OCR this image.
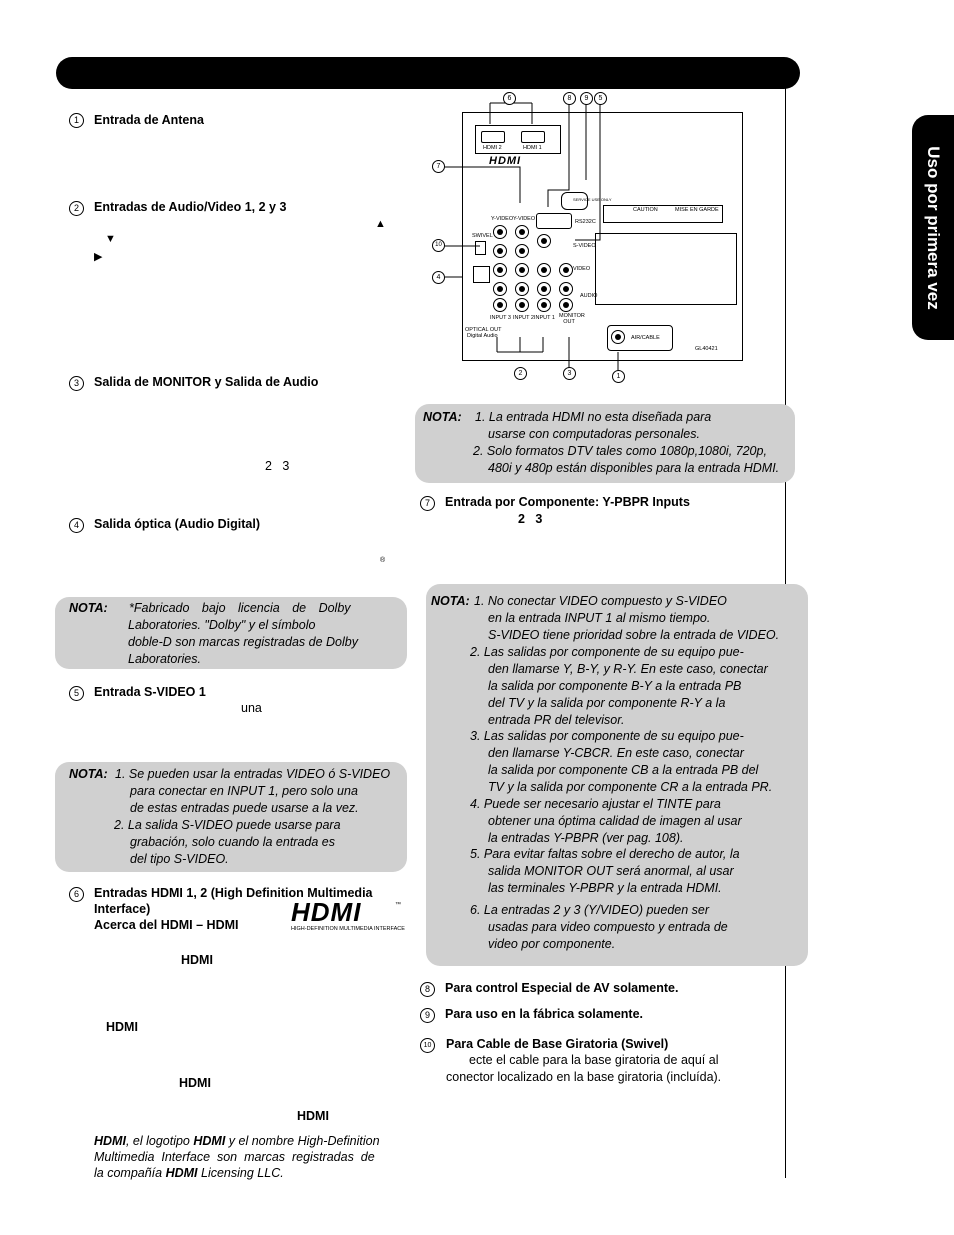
Uso por primera vez
1	Entrada de Antena
2	Entradas de Audio/Video 1, 2 y 3
▲
▼
▶
3	Salida de MONITOR y Salida de Audio
2   3
4	Salida óptica (Audio Digital)
®
NOTA: *Fabricado bajo licencia de Dolby
Laboratories. "Dolby" y el símbolo
doble-D son marcas registradas de Dolby
Laboratories.
5	Entrada S-VIDEO 1
una
NOTA: 1. Se pueden usar la entradas VIDEO ó S-VIDEO
para conectar en INPUT 1, pero solo una
de estas entradas puede usarse a la vez.
2. La salida S-VIDEO puede usarse para
grabación, solo cuando la entrada es
del tipo S-VIDEO.
6	Entradas HDMI 1, 2 (High Definition Multimedia
Interface)
Acerca del HDMI – HDMI HDMI	™
HIGH-DEFINITION MULTIMEDIA INTERFACE
HDMI
HDMI
HDMI
HDMI
HDMI, el logotipo HDMI y el nombre High-Definition
Multimedia  Interface  son  marcas  registradas  de
la compañía HDMI Licensing LLC.
6	8	9	5
7
10
4
2	3	1
HDMI 2	HDMI 1
HDMI
SERVICE USE ONLY
RS232C
CAUTION	MISE EN GARDE
Y-VIDEO Y-VIDEO
SWIVEL
S-VIDEO
VIDEO
AUDIO
INPUT 3 INPUT 2 INPUT 1 MONITOR OUT
OPTICAL OUT
Digital Audio	AIR/CABLE
GL40421
NOTA: 1. La entrada HDMI no esta diseñada para
usarse con computadoras personales.
2. Solo formatos DTV tales como 1080p,1080i, 720p,
480i y 480p están disponibles para la entrada HDMI.
7	Entrada por Componente: Y-PBPR Inputs
2   3
NOTA: 1. No conectar VIDEO compuesto y S-VIDEO
en la entrada INPUT 1 al mismo tiempo.
S-VIDEO tiene prioridad sobre la entrada de VIDEO.
2. Las salidas por componente de su equipo pue-
den llamarse Y, B-Y, y R-Y. En este caso, conectar
la salida por componente B-Y a la entrada PB
del TV y la salida por componente R-Y a la
entrada PR del televisor.
3. Las salidas por componente de su equipo pue-
den llamarse Y-CBCR. En este caso, conectar
la salida por componente CB a la entrada PB del
TV y la salida por componente CR a la entrada PR.
4. Puede ser necesario ajustar el TINTE para
obtener una óptima calidad de imagen al usar
la entradas Y-PBPR (ver pag. 108).
5. Para evitar faltas sobre el derecho de autor, la
salida MONITOR OUT será anormal, al usar
las terminales Y-PBPR y la entrada HDMI.
6. La entradas 2 y 3 (Y/VIDEO) pueden ser
usadas para video compuesto y entrada de
video por componente.
8	Para control Especial de AV solamente.
9	Para uso en la fábrica solamente.
10 Para Cable de Base Giratoria (Swivel)
ecte el cable para la base giratoria de aquí al
conector localizado en la base giratoria (incluída).
